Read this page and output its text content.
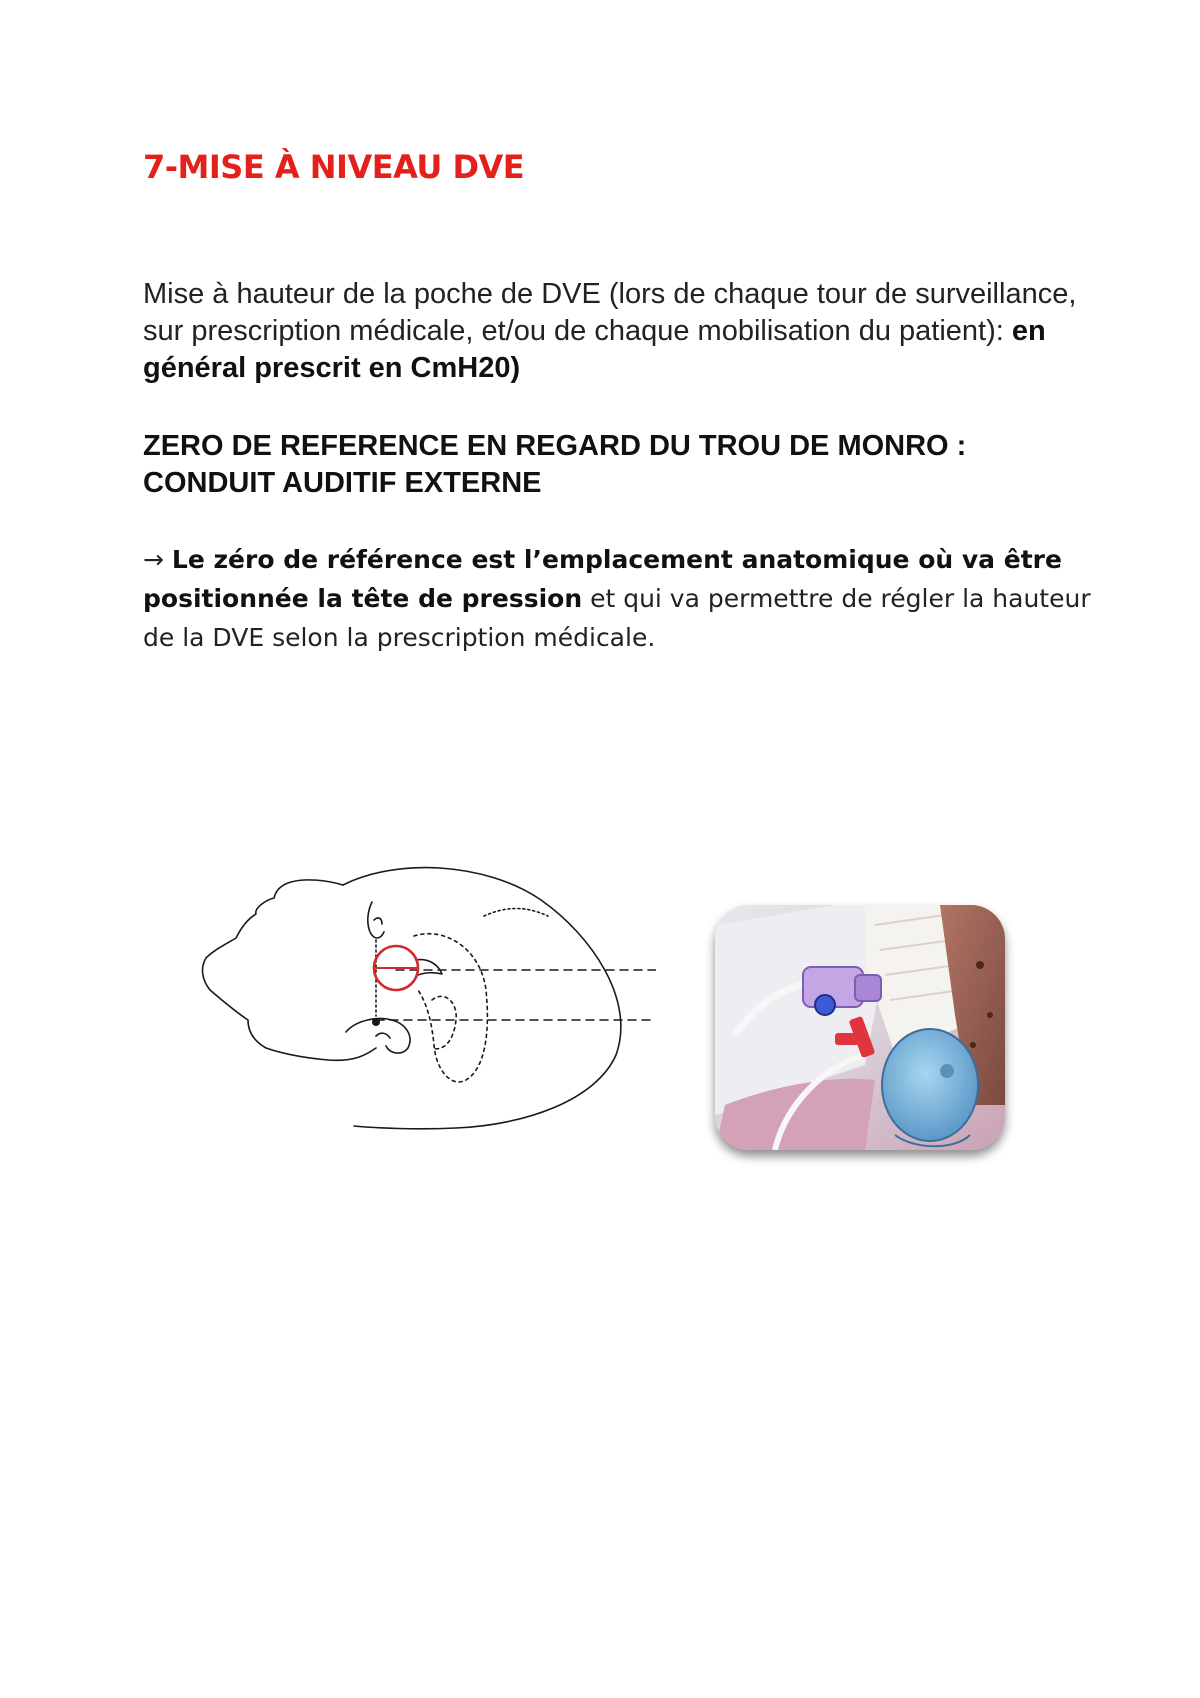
7-MISE À NIVEAU DVE

Mise à hauteur de la poche de DVE (lors de chaque tour de surveillance, sur prescription médicale, et/ou de chaque mobilisation du patient): en général prescrit en CmH20)

ZERO DE REFERENCE EN REGARD DU TROU DE MONRO : CONDUIT AUDITIF EXTERNE

→ Le zéro de référence est l’emplacement anatomique où va être positionnée la tête de pression et qui va permettre de régler la hauteur de la DVE selon la prescription médicale.
